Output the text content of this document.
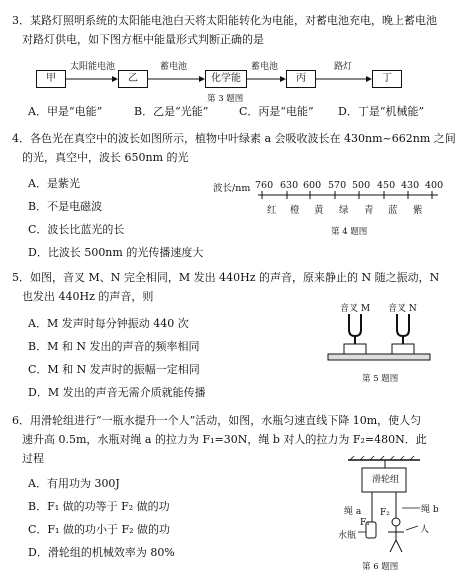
3．某路灯照明系统的太阳能电池白天将太阳能转化为电能，对蓄电池充电，晚上蓄电池
对路灯供电，如下图方框中能量形式判断正确的是
甲	乙	化学能	丙	丁
太阳能电池	蓄电池	蓄电池	路灯
第 3 题图
A．甲是“电能”	B．乙是“光能”	C．丙是“电能” D．丁是“机械能”
4．各色光在真空中的波长如图所示，植物中叶绿素 a 会吸收波长在 430nm~662nm 之间
的光，真空中，波长 650nm 的光
A．是紫光
B．不是电磁波
C．波长比蓝光的长
D．比波长 500nm 的光传播速度大
波长/nm 760 630 600 570 500 450 430 400
红 橙 黄 绿 青 蓝 紫
第 4 题图
5．如图，音叉 M、N 完全相同，M 发出 440Hz 的声音，原来静止的 N 随之振动，N
也发出 440Hz 的声音，则
A．M 发声时每分钟振动 440 次
B．M 和 N 发出的声音的频率相同
C．M 和 N 发声时的振幅一定相同
D．M 发出的声音无需介质就能传播
音叉 M 音叉 N
第 5 题图
6．用滑轮组进行“一瓶水提升一个人”活动，如图，水瓶匀速直线下降 10m，使人匀
速升高 0.5m，水瓶对绳 a 的拉力为 F₁=30N，绳 b 对人的拉力为 F₂=480N．此
过程
A．有用功为 300J
B．F₁ 做的功等于 F₂ 做的功
C．F₁ 做的功小于 F₂ 做的功
D．滑轮组的机械效率为 80%
滑轮组
绳 a	绳 b
F₁
F₂
水瓶
人
第 6 题图
